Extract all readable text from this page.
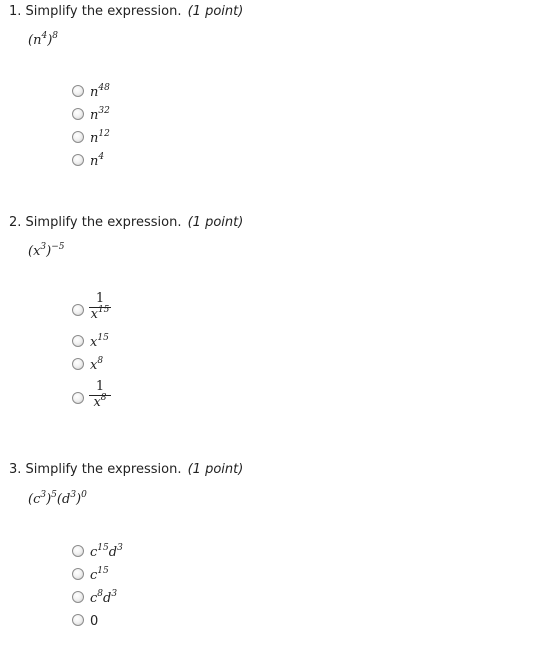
1. Simplify the expression. (1 point)
$(n^4)^8$
$n^{48}$
$n^{32}$
$n^{12}$
$n^4$
2. Simplify the expression. (1 point)
$(x^3)^{-5}$
1
$x^{15}$
$x^{15}$
$x^8$
1
$x^8$
3. Simplify the expression. (1 point)
$(c^3)^5(d^3)^0$
$c^{15}d^3$
$c^{15}$
$c^8d^3$
0
